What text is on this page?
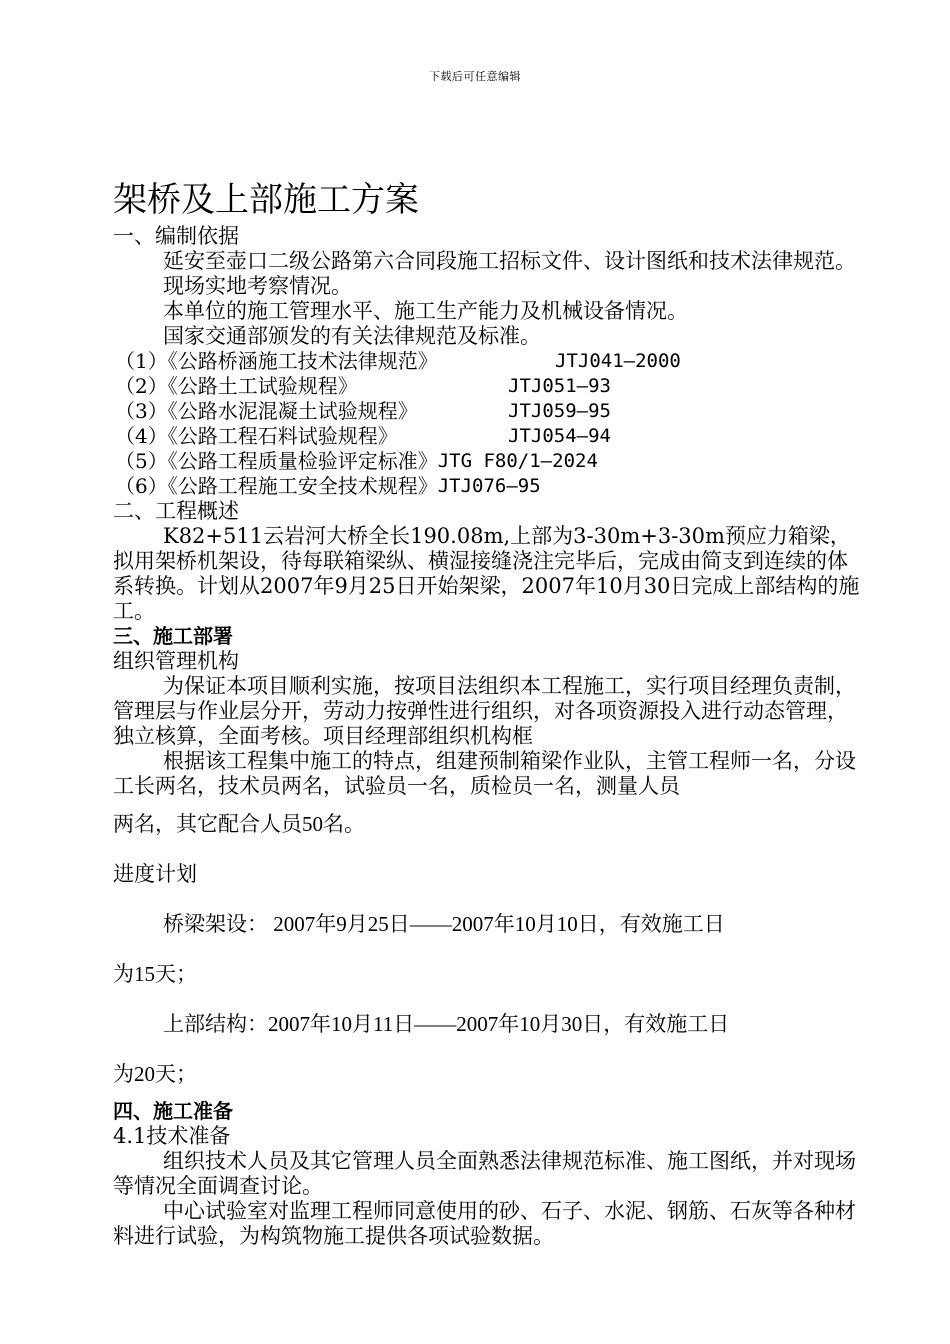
下载后可任意编辑
架桥及上部施工方案

一、编制依据

延安至壶口二级公路第六合同段施工招标文件、设计图纸和技术法律规范。

现场实地考察情况。

本单位的施工管理水平、施工生产能力及机械设备情况。

国家交通部颁发的有关法律规范及标准。

（1）《公路桥涵施工技术法律规范》	JTJ041—2000
（2）《公路土工试验规程》	JTJ051—93
（3）《公路水泥混凝土试验规程》	JTJ059—95
（4）《公路工程石料试验规程》	JTJ054—94
（5）《公路工程质量检验评定标准》 JTG F80/1—2024
（6）《公路工程施工安全技术规程》 JTJ076—95

二、工程概述

K82+511云岩河大桥全长190.08m,上部为3-30m+3-30m预应力箱梁，拟用架桥机架设，待每联箱梁纵、横湿接缝浇注完毕后，完成由简支到连续的体系转换。计划从2007年9月25日开始架梁，2007年10月30日完成上部结构的施工。

三、施工部署

组织管理机构

为保证本项目顺利实施，按项目法组织本工程施工，实行项目经理负责制，管理层与作业层分开，劳动力按弹性进行组织，对各项资源投入进行动态管理，独立核算，全面考核。项目经理部组织机构框

根据该工程集中施工的特点，组建预制箱梁作业队，主管工程师一名，分设工长两名，技术员两名，试验员一名，质检员一名，测量人员

两名，其它配合人员50名。

进度计划

桥梁架设： 2007年9月25日——2007年10月10日，有效施工日

为15天；

上部结构：2007年10月11日——2007年10月30日，有效施工日

为20天；

四、施工准备

4.1技术准备

组织技术人员及其它管理人员全面熟悉法律规范标准、施工图纸，并对现场等情况全面调查讨论。

中心试验室对监理工程师同意使用的砂、石子、水泥、钢筋、石灰等各种材料进行试验，为构筑物施工提供各项试验数据。
